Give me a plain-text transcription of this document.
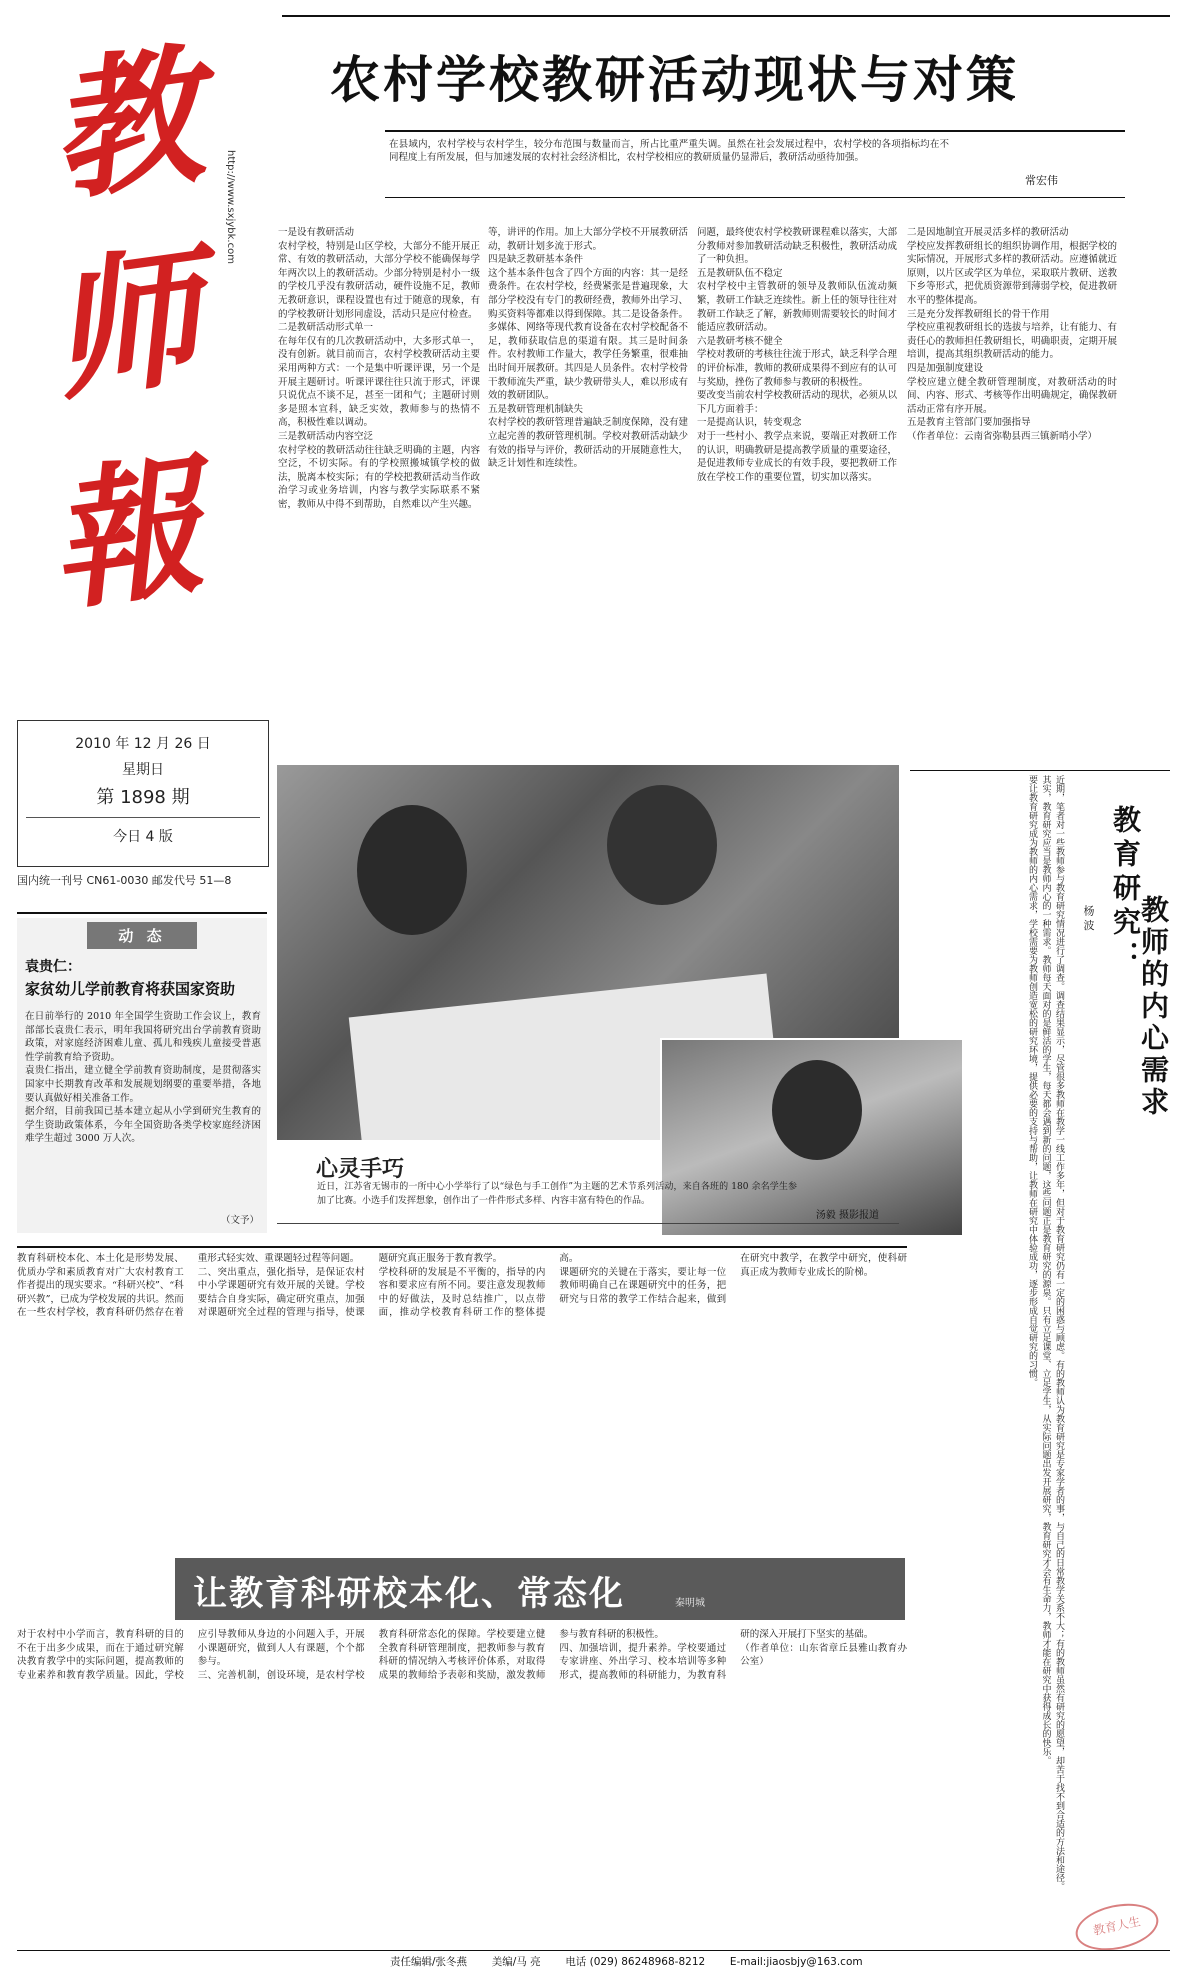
教
师
報
http://www.sxjybk.com
2010 年 12 月 26 日
星期日
第 1898 期
今日 4 版
国内统一刊号 CN61-0030 邮发代号 51—8
农村学校教研活动现状与对策
在县域内，农村学校与农村学生，较分布范围与数量而言，所占比重严重失调。虽然在社会发展过程中，农村学校的各项指标均在不同程度上有所发展，但与加速发展的农村社会经济相比，农村学校相应的教研质量仍显滞后，教研活动亟待加强。
常宏伟
一是设有教研活动
农村学校，特别是山区学校，大部分不能开展正常、有效的教研活动，大部分学校不能确保每学年两次以上的教研活动。少部分特别是村小一级的学校几乎没有教研活动，硬件设施不足，教师无教研意识，课程设置也有过于随意的现象，有的学校教研计划形同虚设，活动只是应付检查。
二是教研活动形式单一
在每年仅有的几次教研活动中，大多形式单一，没有创新。就目前而言，农村学校教研活动主要采用两种方式：一个是集中听课评课，另一个是开展主题研讨。听课评课往往只流于形式，评课只说优点不谈不足，甚至一团和气；主题研讨则多是照本宣科，缺乏实效，教师参与的热情不高，积极性难以调动。
三是教研活动内容空泛
农村学校的教研活动往往缺乏明确的主题，内容空泛，不切实际。有的学校照搬城镇学校的做法，脱离本校实际；有的学校把教研活动当作政治学习或业务培训，内容与教学实际联系不紧密，教师从中得不到帮助，自然难以产生兴趣。
等，讲评的作用。加上大部分学校不开展教研活动，教研计划多流于形式。
四是缺乏教研基本条件
这个基本条件包含了四个方面的内容：其一是经费条件。在农村学校，经费紧张是普遍现象，大部分学校没有专门的教研经费，教师外出学习、购买资料等都难以得到保障。其二是设备条件。多媒体、网络等现代教育设备在农村学校配备不足，教师获取信息的渠道有限。其三是时间条件。农村教师工作量大，教学任务繁重，很难抽出时间开展教研。其四是人员条件。农村学校骨干教师流失严重，缺少教研带头人，难以形成有效的教研团队。
五是教研管理机制缺失
农村学校的教研管理普遍缺乏制度保障，没有建立起完善的教研管理机制。学校对教研活动缺少有效的指导与评价，教研活动的开展随意性大，缺乏计划性和连续性。
问题，最终使农村学校教研课程难以落实，大部分教师对参加教研活动缺乏积极性，教研活动成了一种负担。
五是教研队伍不稳定
农村学校中主管教研的领导及教师队伍流动频繁，教研工作缺乏连续性。新上任的领导往往对教研工作缺乏了解，新教师则需要较长的时间才能适应教研活动。
六是教研考核不健全
学校对教研的考核往往流于形式，缺乏科学合理的评价标准，教师的教研成果得不到应有的认可与奖励，挫伤了教师参与教研的积极性。
要改变当前农村学校教研活动的现状，必须从以下几方面着手：
一是提高认识，转变观念
对于一些村小、教学点来说，要端正对教研工作的认识，明确教研是提高教学质量的重要途径，是促进教师专业成长的有效手段，要把教研工作放在学校工作的重要位置，切实加以落实。
二是因地制宜开展灵活多样的教研活动
学校应发挥教研组长的组织协调作用，根据学校的实际情况，开展形式多样的教研活动。应遵循就近原则，以片区或学区为单位，采取联片教研、送教下乡等形式，把优质资源带到薄弱学校，促进教研水平的整体提高。
三是充分发挥教研组长的骨干作用
学校应重视教研组长的选拔与培养，让有能力、有责任心的教师担任教研组长，明确职责，定期开展培训，提高其组织教研活动的能力。
四是加强制度建设
学校应建立健全教研管理制度，对教研活动的时间、内容、形式、考核等作出明确规定，确保教研活动正常有序开展。
五是教育主管部门要加强指导
（作者单位：云南省弥勒县西三镇新哨小学）
动 态
袁贵仁：
家贫幼儿学前教育将获国家资助
在日前举行的 2010 年全国学生资助工作会议上，教育部部长袁贵仁表示，明年我国将研究出台学前教育资助政策，对家庭经济困难儿童、孤儿和残疾儿童接受普惠性学前教育给予资助。
袁贵仁指出，建立健全学前教育资助制度，是贯彻落实国家中长期教育改革和发展规划纲要的重要举措，各地要认真做好相关准备工作。
据介绍，目前我国已基本建立起从小学到研究生教育的学生资助政策体系，今年全国资助各类学校家庭经济困难学生超过 3000 万人次。
（文予）
心灵手巧
近日，江苏省无锡市的一所中心小学举行了以“绿色与手工创作”为主题的艺术节系列活动，来自各班的 180 余名学生参加了比赛。小选手们发挥想象，创作出了一件件形式多样、内容丰富有特色的作品。
汤毅 摄影报道
教育研究：
教师的内心需求
杨 波
近期，笔者对一些教师参与教育研究情况进行了调查。调查结果显示，尽管很多教师在教学一线工作多年，但对于教育研究仍有一定的困惑与顾虑。有的教师认为教育研究是专家学者的事，与自己的日常教学关系不大；有的教师虽然有研究的愿望，却苦于找不到合适的方法和途径。
其实，教育研究应当是教师内心的一种需求。教师每天面对的是鲜活的学生，每天都会遇到新的问题，这些问题正是教育研究的源泉。只有立足课堂、立足学生，从实际问题出发开展研究，教育研究才会有生命力，教师才能在研究中获得成长的快乐。
要让教育研究成为教师的内心需求，学校需要为教师创造宽松的研究环境，提供必要的支持与帮助，让教师在研究中体验成功，逐步形成自觉研究的习惯。
教育科研校本化、本土化是形势发展、优质办学和素质教育对广大农村教育工作者提出的现实要求。“科研兴校”、“科研兴教”，已成为学校发展的共识。然而在一些农村学校，教育科研仍然存在着重形式轻实效、重课题轻过程等问题。
二、突出重点，强化指导，是保证农村中小学课题研究有效开展的关键。学校要结合自身实际，确定研究重点，加强对课题研究全过程的管理与指导，使课题研究真正服务于教育教学。
学校科研的发展是不平衡的，指导的内容和要求应有所不同。要注意发现教师中的好做法，及时总结推广，以点带面，推动学校教育科研工作的整体提高。
课题研究的关键在于落实，要让每一位教师明确自己在课题研究中的任务，把研究与日常的教学工作结合起来，做到在研究中教学，在教学中研究，使科研真正成为教师专业成长的阶梯。
让教育科研校本化、常态化	秦明城
对于农村中小学而言，教育科研的目的不在于出多少成果，而在于通过研究解决教育教学中的实际问题，提高教师的专业素养和教育教学质量。因此，学校应引导教师从身边的小问题入手，开展小课题研究，做到人人有课题，个个都参与。
三、完善机制，创设环境，是农村学校教育科研常态化的保障。学校要建立健全教育科研管理制度，把教师参与教育科研的情况纳入考核评价体系，对取得成果的教师给予表彰和奖励，激发教师参与教育科研的积极性。
四、加强培训，提升素养。学校要通过专家讲座、外出学习、校本培训等多种形式，提高教师的科研能力，为教育科研的深入开展打下坚实的基础。
（作者单位：山东省章丘县雅山教育办公室）
教育人生
责任编辑/张冬燕 美编/马 亮 电话 (029) 86248968-8212 E-mail:jiaosbjy@163.com
